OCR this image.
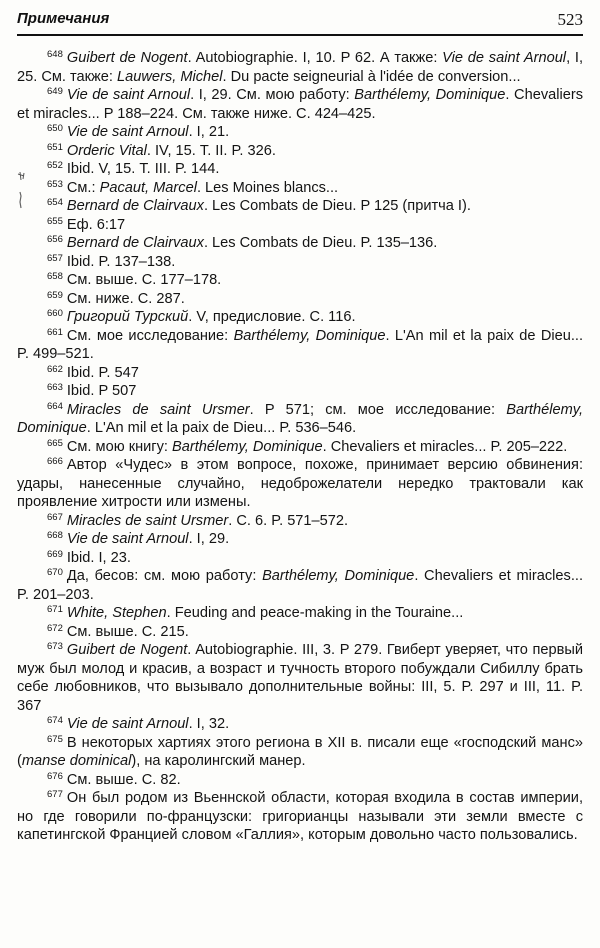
Примечания	523

$^{648}$ Guibert de Nogent. Autobiographie. I, 10. P 62. А также: Vie de saint Arnoul, I, 25. См. также: Lauwers, Michel. Du pacte seigneurial à l'idée de conversion...

$^{649}$ Vie de saint Arnoul. I, 29. См. мою работу: Barthélemy, Dominique. Chevaliers et miracles... P 188–224. См. также ниже. С. 424–425.

$^{650}$ Vie de saint Arnoul. I, 21.

$^{651}$ Orderic Vital. IV, 15. Т. II. P. 326.

$^{652}$ Ibid. V, 15. Т. III. P. 144.

$^{653}$ См.: Pacaut, Marcel. Les Moines blancs...

$^{654}$ Bernard de Clairvaux. Les Combats de Dieu. P 125 (притча I).

$^{655}$ Еф. 6:17

$^{656}$ Bernard de Clairvaux. Les Combats de Dieu. P. 135–136.

$^{657}$ Ibid. P. 137–138.

$^{658}$ См. выше. С. 177–178.

$^{659}$ См. ниже. С. 287.

$^{660}$ Григорий Турский. V, предисловие. С. 116.

$^{661}$ См. мое исследование: Barthélemy, Dominique. L'An mil et la paix de Dieu... P. 499–521.

$^{662}$ Ibid. P. 547

$^{663}$ Ibid. P 507

$^{664}$ Miracles de saint Ursmer. P 571; см. мое исследование: Barthélemy, Dominique. L'An mil et la paix de Dieu... P. 536–546.

$^{665}$ См. мою книгу: Barthélemy, Dominique. Chevaliers et miracles... P. 205–222.

$^{666}$ Автор «Чудес» в этом вопросе, похоже, принимает версию обвинения: удары, нанесенные случайно, недоброжелатели нередко трактовали как проявление хитрости или измены.

$^{667}$ Miracles de saint Ursmer. С. 6. P. 571–572.

$^{668}$ Vie de saint Arnoul. I, 29.

$^{669}$ Ibid. I, 23.

$^{670}$ Да, бесов: см. мою работу: Barthélemy, Dominique. Chevaliers et miracles... P. 201–203.

$^{671}$ White, Stephen. Feuding and peace-making in the Touraine...

$^{672}$ См. выше. С. 215.

$^{673}$ Guibert de Nogent. Autobiographie. III, 3. P 279. Гвиберт уверяет, что первый муж был молод и красив, а возраст и тучность второго побуждали Сибиллу брать себе любовников, что вызывало дополнительные войны: III, 5. P. 297 и III, 11. P. 367

$^{674}$ Vie de saint Arnoul. I, 32.

$^{675}$ В некоторых хартиях этого региона в XII в. писали еще «господский манс» (manse dominical), на каролингский манер.

$^{676}$ См. выше. С. 82.

$^{677}$ Он был родом из Вьеннской области, которая входила в состав империи, но где говорили по-французски: григорианцы называли эти земли вместе с капетингской Францией словом «Галлия», которым довольно часто пользовались.
